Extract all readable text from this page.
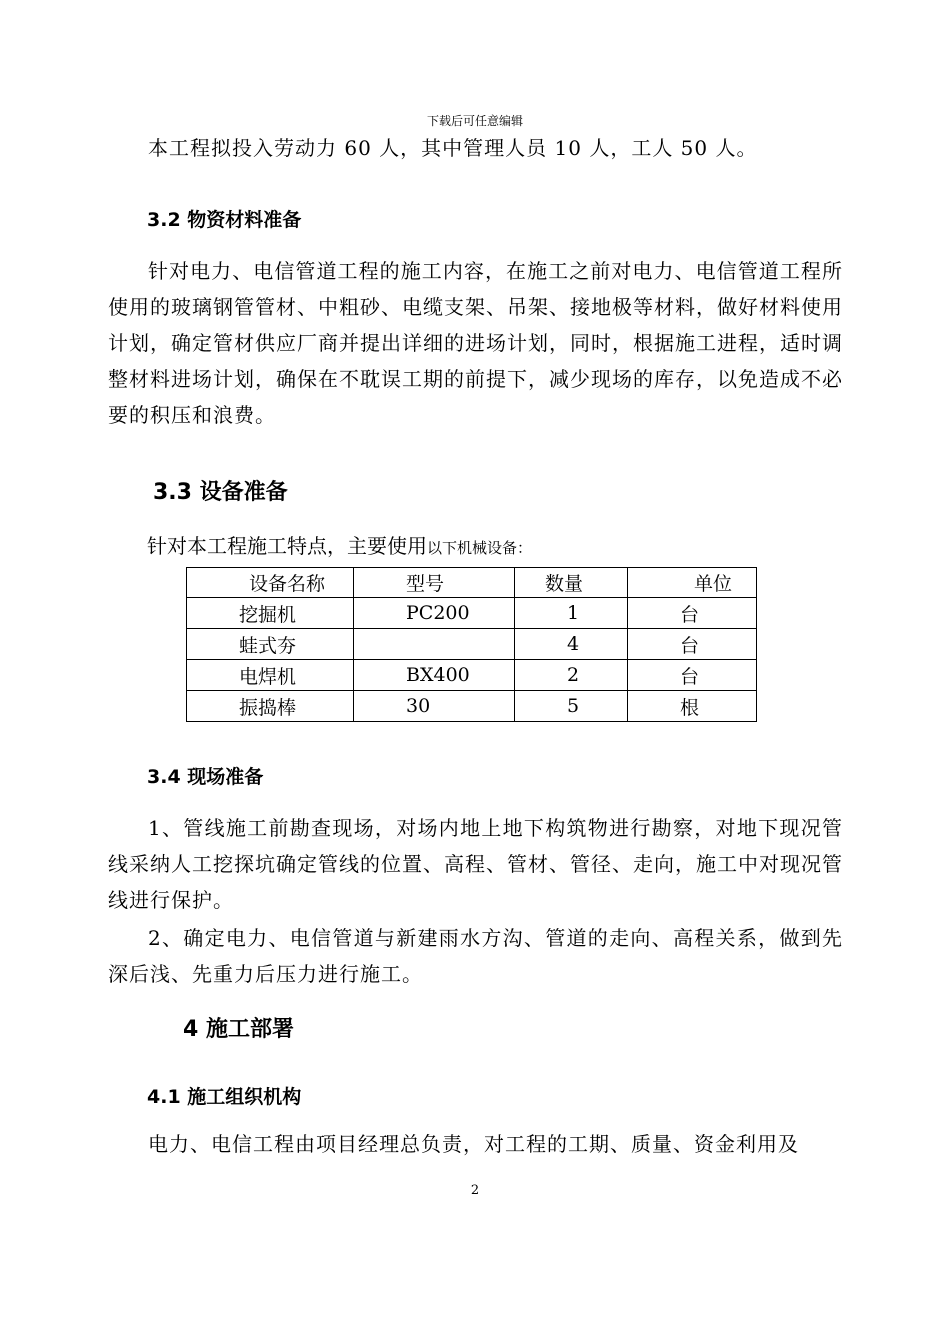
下载后可任意编辑
本工程拟投入劳动力 60 人，其中管理人员 10 人，工人 50 人。
3.2 物资材料准备
针对电力、电信管道工程的施工内容，在施工之前对电力、电信管道工程所使用的玻璃钢管管材、中粗砂、电缆支架、吊架、接地极等材料，做好材料使用计划，确定管材供应厂商并提出详细的进场计划，同时，根据施工进程，适时调整材料进场计划，确保在不耽误工期的前提下，减少现场的库存，以免造成不必要的积压和浪费。
3.3 设备准备
针对本工程施工特点，主要使用以下机械设备：
设备名称	型号	数量	单位
挖掘机	PC200	1	台
蛙式夯		4	台
电焊机	BX400	2	台
振捣棒	30	5	根
3.4 现场准备
1、管线施工前勘查现场，对场内地上地下构筑物进行勘察，对地下现况管线采纳人工挖探坑确定管线的位置、高程、管材、管径、走向，施工中对现况管线进行保护。
2、确定电力、电信管道与新建雨水方沟、管道的走向、高程关系，做到先深后浅、先重力后压力进行施工。
4 施工部署
4.1 施工组织机构
电力、电信工程由项目经理总负责，对工程的工期、质量、资金利用及
2
